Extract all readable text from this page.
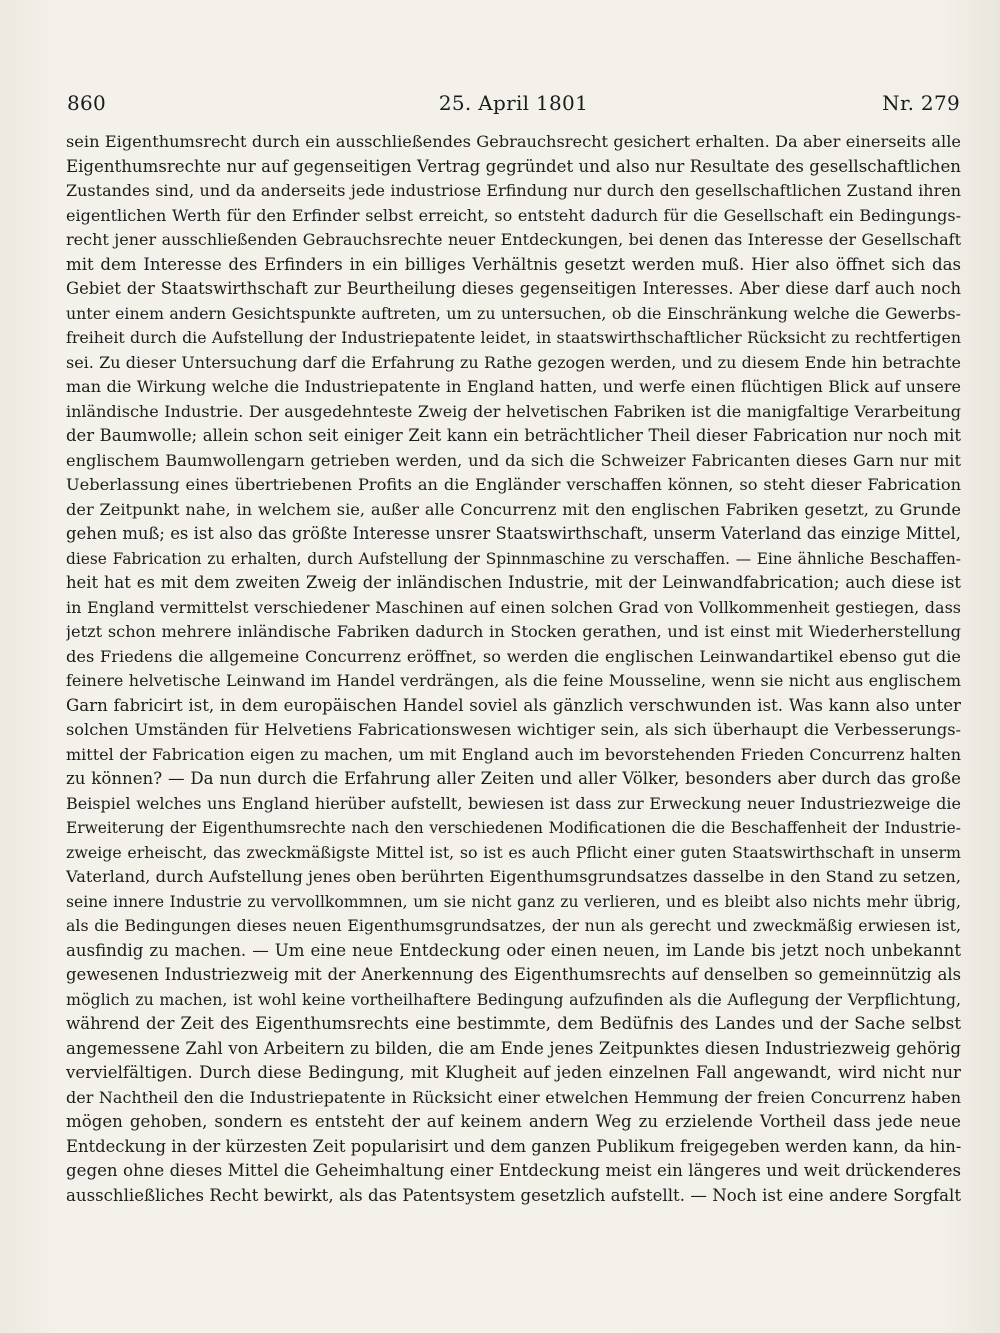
860	25. April 1801	Nr. 279
sein Eigenthumsrecht durch ein ausschließendes Gebrauchsrecht gesichert erhalten. Da aber einerseits alle
Eigenthumsrechte nur auf gegenseitigen Vertrag gegründet und also nur Resultate des gesellschaftlichen
Zustandes sind, und da anderseits jede industriose Erfindung nur durch den gesellschaftlichen Zustand ihren
eigentlichen Werth für den Erfinder selbst erreicht, so entsteht dadurch für die Gesellschaft ein Bedingungs-
recht jener ausschließenden Gebrauchsrechte neuer Entdeckungen, bei denen das Interesse der Gesellschaft
mit dem Interesse des Erfinders in ein billiges Verhältnis gesetzt werden muß. Hier also öffnet sich das
Gebiet der Staatswirthschaft zur Beurtheilung dieses gegenseitigen Interesses. Aber diese darf auch noch
unter einem andern Gesichtspunkte auftreten, um zu untersuchen, ob die Einschränkung welche die Gewerbs-
freiheit durch die Aufstellung der Industriepatente leidet, in staatswirthschaftlicher Rücksicht zu rechtfertigen
sei. Zu dieser Untersuchung darf die Erfahrung zu Rathe gezogen werden, und zu diesem Ende hin betrachte
man die Wirkung welche die Industriepatente in England hatten, und werfe einen flüchtigen Blick auf unsere
inländische Industrie. Der ausgedehnteste Zweig der helvetischen Fabriken ist die manigfaltige Verarbeitung
der Baumwolle; allein schon seit einiger Zeit kann ein beträchtlicher Theil dieser Fabrication nur noch mit
englischem Baumwollengarn getrieben werden, und da sich die Schweizer Fabricanten dieses Garn nur mit
Ueberlassung eines übertriebenen Profits an die Engländer verschaffen können, so steht dieser Fabrication
der Zeitpunkt nahe, in welchem sie, außer alle Concurrenz mit den englischen Fabriken gesetzt, zu Grunde
gehen muß; es ist also das größte Interesse unsrer Staatswirthschaft, unserm Vaterland das einzige Mittel,
diese Fabrication zu erhalten, durch Aufstellung der Spinnmaschine zu verschaffen. — Eine ähnliche Beschaffen-
heit hat es mit dem zweiten Zweig der inländischen Industrie, mit der Leinwandfabrication; auch diese ist
in England vermittelst verschiedener Maschinen auf einen solchen Grad von Vollkommenheit gestiegen, dass
jetzt schon mehrere inländische Fabriken dadurch in Stocken gerathen, und ist einst mit Wiederherstellung
des Friedens die allgemeine Concurrenz eröffnet, so werden die englischen Leinwandartikel ebenso gut die
feinere helvetische Leinwand im Handel verdrängen, als die feine Mousseline, wenn sie nicht aus englischem
Garn fabricirt ist, in dem europäischen Handel soviel als gänzlich verschwunden ist. Was kann also unter
solchen Umständen für Helvetiens Fabricationswesen wichtiger sein, als sich überhaupt die Verbesserungs-
mittel der Fabrication eigen zu machen, um mit England auch im bevorstehenden Frieden Concurrenz halten
zu können? — Da nun durch die Erfahrung aller Zeiten und aller Völker, besonders aber durch das große
Beispiel welches uns England hierüber aufstellt, bewiesen ist dass zur Erweckung neuer Industriezweige die
Erweiterung der Eigenthumsrechte nach den verschiedenen Modificationen die die Beschaffenheit der Industrie-
zweige erheischt, das zweckmäßigste Mittel ist, so ist es auch Pflicht einer guten Staatswirthschaft in unserm
Vaterland, durch Aufstellung jenes oben berührten Eigenthumsgrundsatzes dasselbe in den Stand zu setzen,
seine innere Industrie zu vervollkommnen, um sie nicht ganz zu verlieren, und es bleibt also nichts mehr übrig,
als die Bedingungen dieses neuen Eigenthumsgrundsatzes, der nun als gerecht und zweckmäßig erwiesen ist,
ausfindig zu machen. — Um eine neue Entdeckung oder einen neuen, im Lande bis jetzt noch unbekannt
gewesenen Industriezweig mit der Anerkennung des Eigenthumsrechts auf denselben so gemeinnützig als
möglich zu machen, ist wohl keine vortheilhaftere Bedingung aufzufinden als die Auflegung der Verpflichtung,
während der Zeit des Eigenthumsrechts eine bestimmte, dem Bedüfnis des Landes und der Sache selbst
angemessene Zahl von Arbeitern zu bilden, die am Ende jenes Zeitpunktes diesen Industriezweig gehörig
vervielfältigen. Durch diese Bedingung, mit Klugheit auf jeden einzelnen Fall angewandt, wird nicht nur
der Nachtheil den die Industriepatente in Rücksicht einer etwelchen Hemmung der freien Concurrenz haben
mögen gehoben, sondern es entsteht der auf keinem andern Weg zu erzielende Vortheil dass jede neue
Entdeckung in der kürzesten Zeit popularisirt und dem ganzen Publikum freigegeben werden kann, da hin-
gegen ohne dieses Mittel die Geheimhaltung einer Entdeckung meist ein längeres und weit drückenderes
ausschließliches Recht bewirkt, als das Patentsystem gesetzlich aufstellt. — Noch ist eine andere Sorgfalt
